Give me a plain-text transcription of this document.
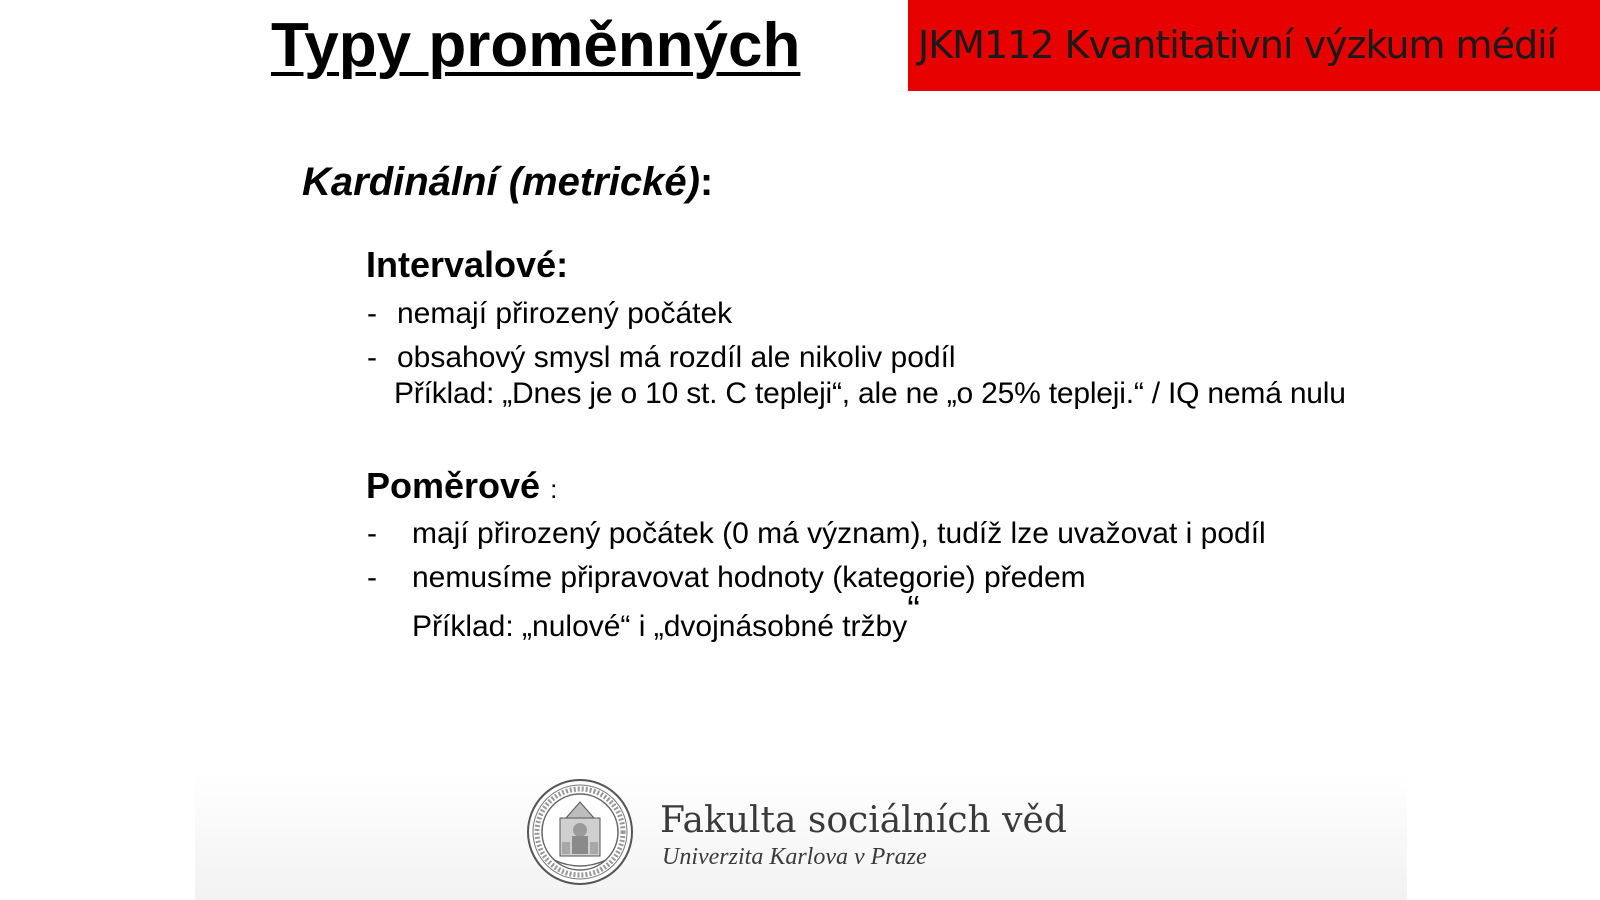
Typy proměnných	JKM112 Kvantitativní výzkum médií
Kardinální (metrické):
Intervalové:
- nemají přirozený počátek
- obsahový smysl má rozdíl ale nikoliv podíl
Příklad: „Dnes je o 10 st. C tepleji“, ale ne „o 25% tepleji.“ / IQ nemá nulu
Poměrové :
- mají přirozený počátek (0 má význam), tudíž lze uvažovat i podíl
- nemusíme připravovat hodnoty (kategorie) předem
Příklad: „nulové“ i „dvojnásobné tržby“
Fakulta sociálních věd
Univerzita Karlova v Praze
